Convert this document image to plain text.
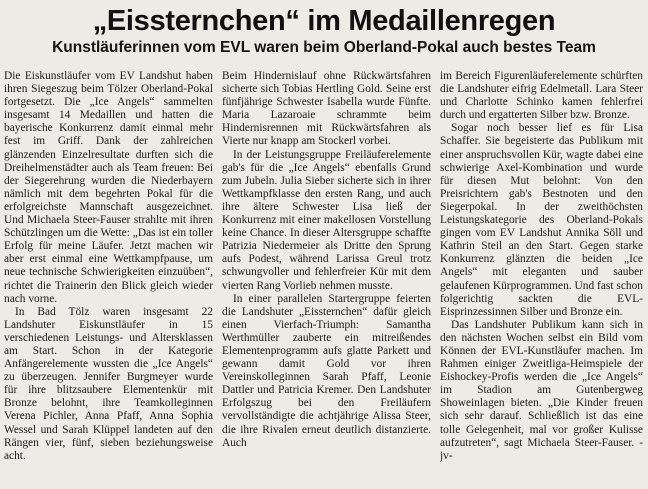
„Eissternchen“ im Medaillenregen
Kunstläuferinnen vom EVL waren beim Oberland-Pokal auch bestes Team

Die Eiskunstläufer vom EV Landshut haben ihren Siegeszug beim Tölzer Oberland-Pokal fortgesetzt. Die „Ice Angels“ sammelten insgesamt 14 Medaillen und hatten die bayerische Konkurrenz damit einmal mehr fest im Griff. Dank der zahlreichen glänzenden Einzelresultate durften sich die Dreihelmenstädter auch als Team freuen: Bei der Siegerehrung wurden die Niederbayern nämlich mit dem begehrten Pokal für die erfolgreichste Mannschaft ausgezeichnet. Und Michaela Steer-Fauser strahlte mit ihren Schützlingen um die Wette: „Das ist ein toller Erfolg für meine Läufer. Jetzt machen wir aber erst einmal eine Wettkampfpause, um neue technische Schwierigkeiten einzuüben“, richtet die Trainerin den Blick gleich wieder nach vorne.

In Bad Tölz waren insgesamt 22 Landshuter Eiskunstläufer in 15 verschiedenen Leistungs- und Altersklassen am Start. Schon in der Kategorie Anfängerelemente wussten die „Ice Angels“ zu überzeugen. Jennifer Burgmeyer wurde für ihre blitzsaubere Elementenkür mit Bronze belohnt, ihre Teamkolleginnen Verena Pichler, Anna Pfaff, Anna Sophia Wessel und Sarah Klüppel landeten auf den Rängen vier, fünf, sieben beziehungsweise acht.

Beim Hindernislauf ohne Rückwärtsfahren sicherte sich Tobias Hertling Gold. Seine erst fünfjährige Schwester Isabella wurde Fünfte. Maria Lazaroaie schrammte beim Hindernisrennen mit Rückwärtsfahren als Vierte nur knapp am Stockerl vorbei.

In der Leistungsgruppe Freiläuferelemente gab's für die „Ice Angels“ ebenfalls Grund zum Jubeln. Julia Sieber sicherte sich in ihrer Wettkampfklasse den ersten Rang, und auch ihre ältere Schwester Lisa ließ der Konkurrenz mit einer makellosen Vorstellung keine Chance. In dieser Altersgruppe schaffte Patrizia Niedermeier als Dritte den Sprung aufs Podest, während Larissa Greul trotz schwungvoller und fehlerfreier Kür mit dem vierten Rang Vorlieb nehmen musste.

In einer parallelen Startergruppe feierten die Landshuter „Eissternchen“ dafür gleich einen Vierfach-Triumph: Samantha Werthmüller zauberte ein mitreißendes Elementenprogramm aufs glatte Parkett und gewann damit Gold vor ihren Vereinskolleginnen Sarah Pfaff, Leonie Dattler und Patricia Kremer. Den Landshuter Erfolgszug bei den Freiläufern vervollständigte die achtjährige Alissa Steer, die ihre Rivalen erneut deutlich distanzierte. Auch

im Bereich Figurenläuferelemente schürften die Landshuter eifrig Edelmetall. Lara Steer und Charlotte Schinko kamen fehlerfrei durch und ergatterten Silber bzw. Bronze.

Sogar noch besser lief es für Lisa Schaffer. Sie begeisterte das Publikum mit einer anspruchsvollen Kür, wagte dabei eine schwierige Axel-Kombination und wurde für diesen Mut belohnt: Von den Preisrichtern gab's Bestnoten und den Siegerpokal. In der zweithöchsten Leistungskategorie des Oberland-Pokals gingen vom EV Landshut Annika Söll und Kathrin Steil an den Start. Gegen starke Konkurrenz glänzten die beiden „Ice Angels“ mit eleganten und sauber gelaufenen Kürprogrammen. Und fast schon folgerichtig sackten die EVL-Eisprinzessinnen Silber und Bronze ein.

Das Landshuter Publikum kann sich in den nächsten Wochen selbst ein Bild vom Können der EVL-Kunstläufer machen. Im Rahmen einiger Zweitliga-Heimspiele der Eishockey-Profis werden die „Ice Angels“ im Stadion am Gutenbergweg Showeinlagen bieten. „Die Kinder freuen sich sehr darauf. Schließlich ist das eine tolle Gelegenheit, mal vor großer Kulisse aufzutreten“, sagt Michaela Steer-Fauser. -jv-
